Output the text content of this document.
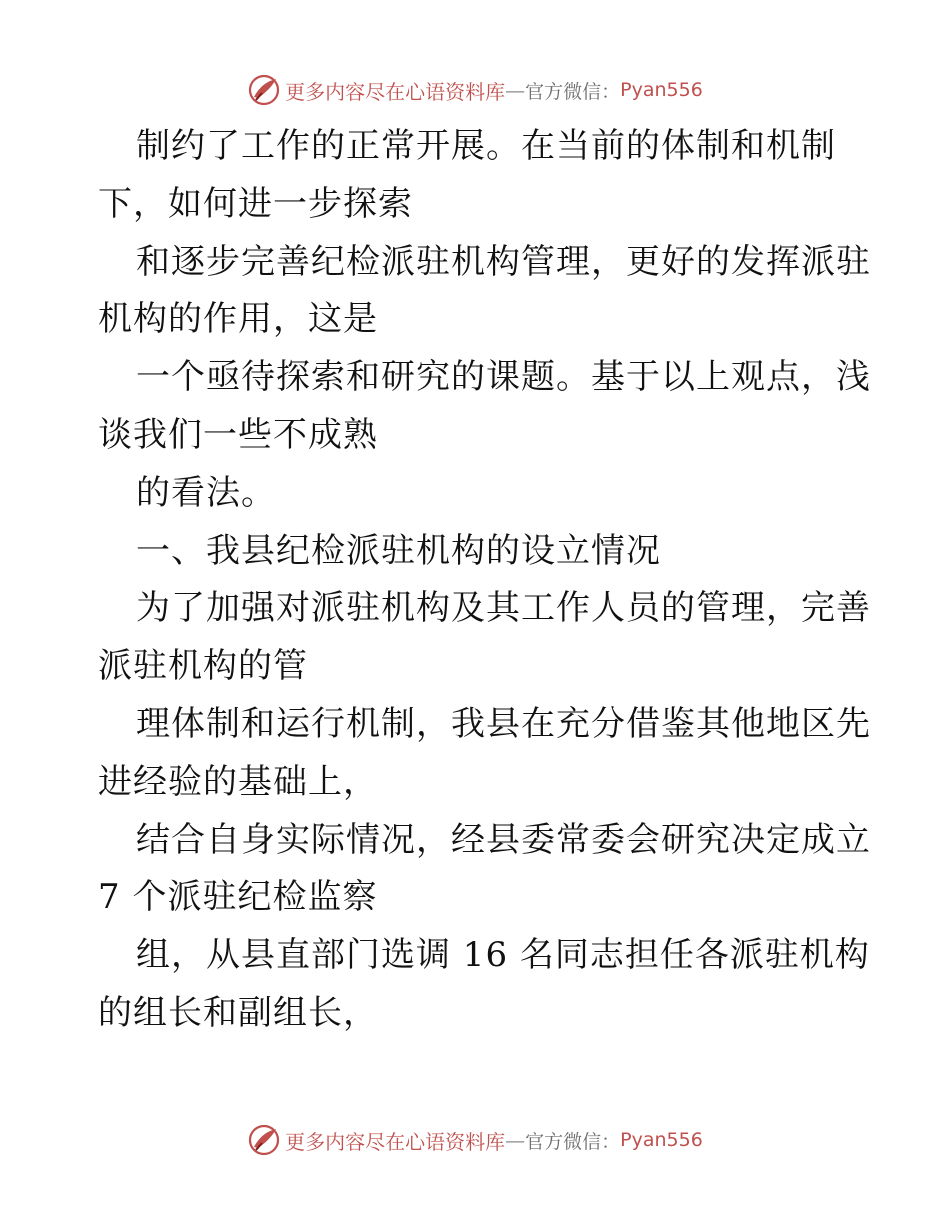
更多内容尽在心语资料库 — 官方微信： Pyan556
制约了工作的正常开展。在当前的体制和机制
下，如何进一步探索
和逐步完善纪检派驻机构管理，更好的发挥派驻
机构的作用，这是
一个亟待探索和研究的课题。基于以上观点，浅
谈我们一些不成熟
的看法。
一、我县纪检派驻机构的设立情况
为了加强对派驻机构及其工作人员的管理，完善
派驻机构的管
理体制和运行机制，我县在充分借鉴其他地区先
进经验的基础上，
结合自身实际情况，经县委常委会研究决定成立
7 个派驻纪检监察
组，从县直部门选调 16 名同志担任各派驻机构
的组长和副组长，
更多内容尽在心语资料库 — 官方微信： Pyan556
